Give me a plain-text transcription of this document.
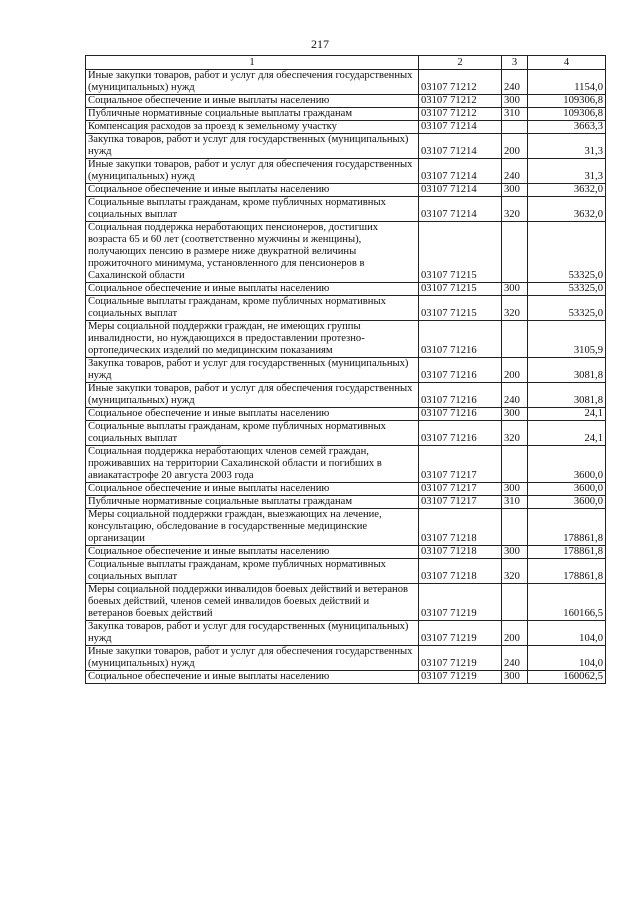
217
1	2	3	4
Иные закупки товаров, работ и услуг для обеспечения государственных (муниципальных) нужд	03107 71212	240	1154,0
Социальное обеспечение и иные выплаты населению	03107 71212	300	109306,8
Публичные нормативные социальные выплаты гражданам	03107 71212	310	109306,8
Компенсация расходов за проезд к земельному участку	03107 71214		3663,3
Закупка товаров, работ и услуг для государственных (муниципальных) нужд	03107 71214	200	31,3
Иные закупки товаров, работ и услуг для обеспечения государственных (муниципальных) нужд	03107 71214	240	31,3
Социальное обеспечение и иные выплаты населению	03107 71214	300	3632,0
Социальные выплаты гражданам, кроме публичных нормативных социальных выплат	03107 71214	320	3632,0
Социальная поддержка неработающих пенсионеров, достигших возраста 65 и 60 лет (соответственно мужчины и женщины), получающих пенсию в размере ниже двукратной величины прожиточного минимума, установленного для пенсионеров в Сахалинской области	03107 71215		53325,0
Социальное обеспечение и иные выплаты населению	03107 71215	300	53325,0
Социальные выплаты гражданам, кроме публичных нормативных социальных выплат	03107 71215	320	53325,0
Меры социальной поддержки граждан, не имеющих группы инвалидности, но нуждающихся в предоставлении протезно-ортопедических изделий по медицинским показаниям	03107 71216		3105,9
Закупка товаров, работ и услуг для государственных (муниципальных) нужд	03107 71216	200	3081,8
Иные закупки товаров, работ и услуг для обеспечения государственных (муниципальных) нужд	03107 71216	240	3081,8
Социальное обеспечение и иные выплаты населению	03107 71216	300	24,1
Социальные выплаты гражданам, кроме публичных нормативных социальных выплат	03107 71216	320	24,1
Социальная поддержка неработающих членов семей граждан, проживавших на территории Сахалинской области и погибших в авиакатастрофе 20 августа 2003 года	03107 71217		3600,0
Социальное обеспечение и иные выплаты населению	03107 71217	300	3600,0
Публичные нормативные социальные выплаты гражданам	03107 71217	310	3600,0
Меры социальной поддержки граждан, выезжающих на лечение, консультацию, обследование в государственные медицинские организации	03107 71218		178861,8
Социальное обеспечение и иные выплаты населению	03107 71218	300	178861,8
Социальные выплаты гражданам, кроме публичных нормативных социальных выплат	03107 71218	320	178861,8
Меры социальной поддержки инвалидов боевых действий и ветеранов боевых действий, членов семей инвалидов боевых действий и ветеранов боевых действий	03107 71219		160166,5
Закупка товаров, работ и услуг для государственных (муниципальных) нужд	03107 71219	200	104,0
Иные закупки товаров, работ и услуг для обеспечения государственных (муниципальных) нужд	03107 71219	240	104,0
Социальное обеспечение и иные выплаты населению	03107 71219	300	160062,5
